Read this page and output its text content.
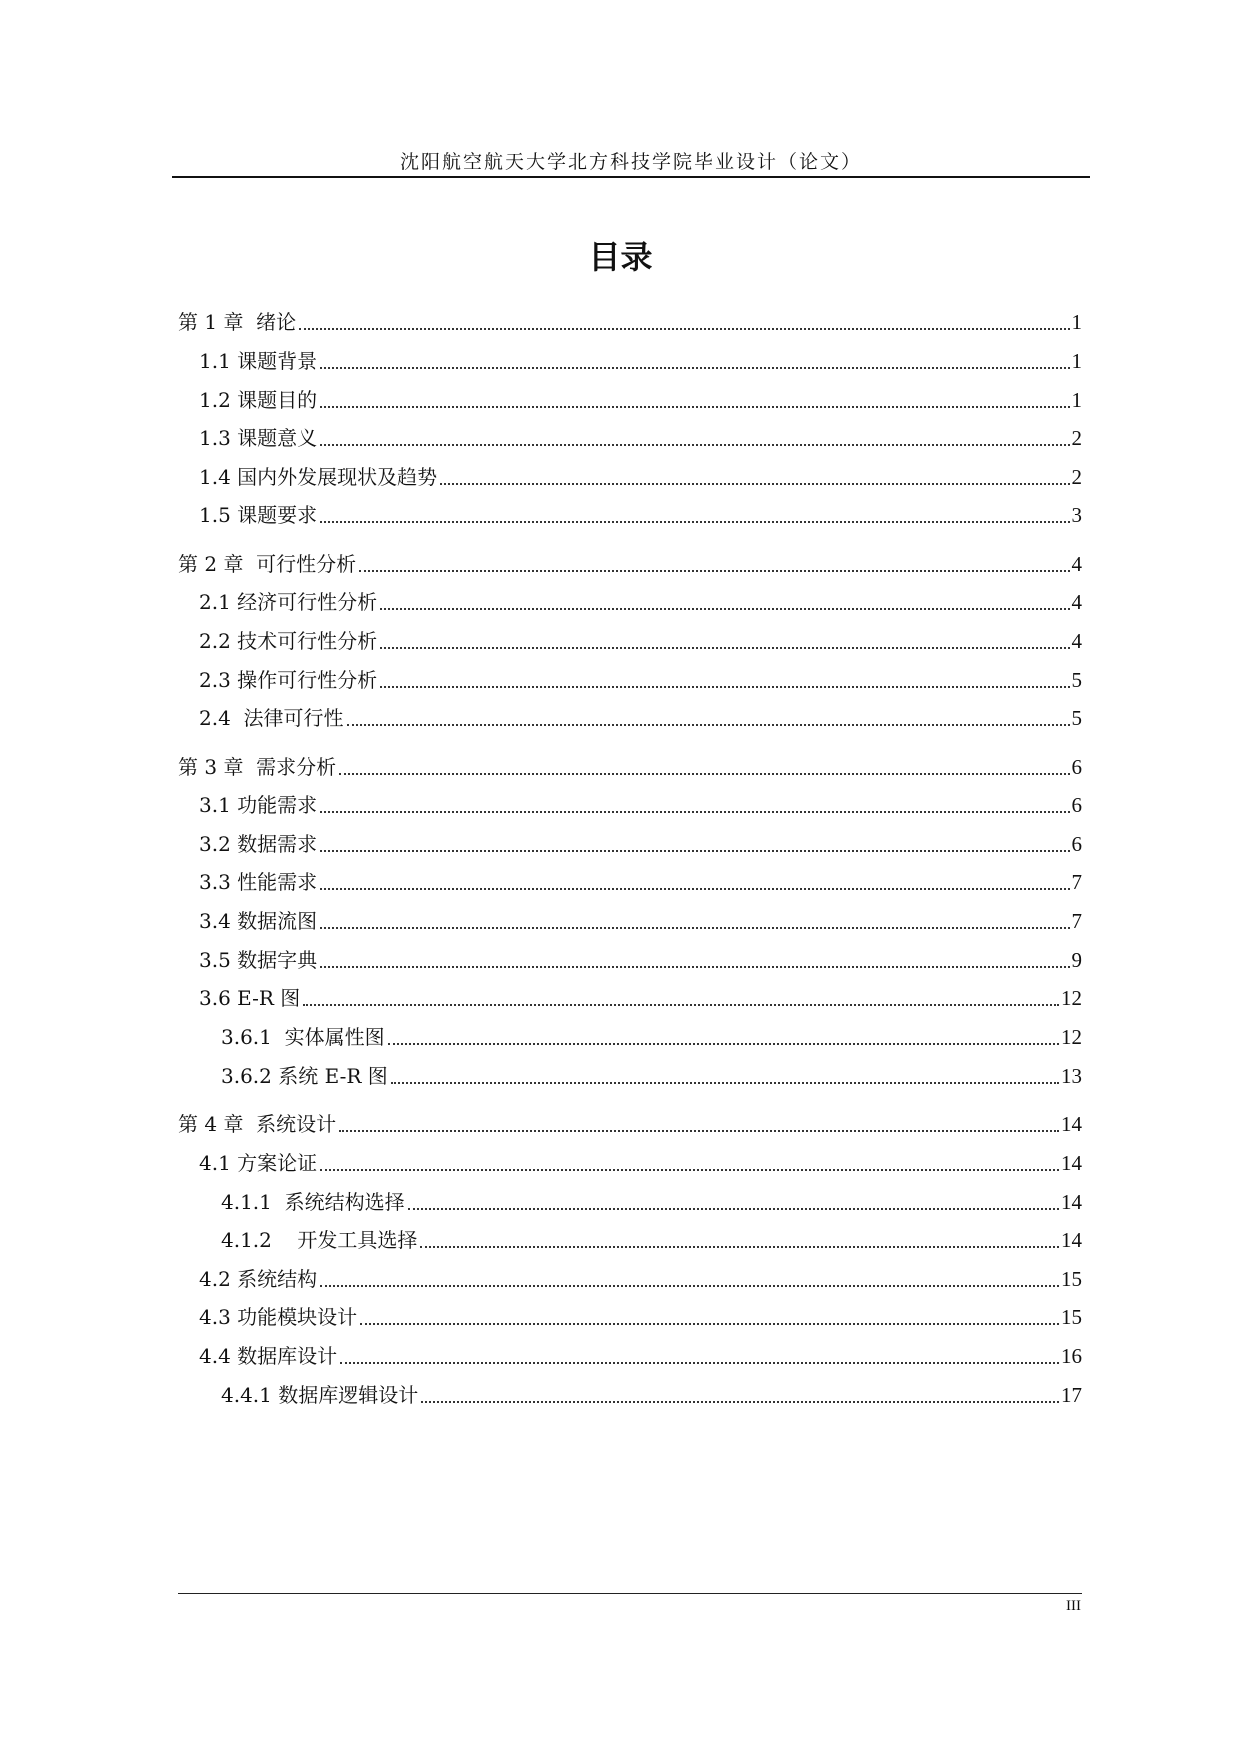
沈阳航空航天大学北方科技学院毕业设计（论文）
目录
第 1 章  绪论	1
1.1 课题背景	1
1.2 课题目的	1
1.3 课题意义	2
1.4 国内外发展现状及趋势	2
1.5 课题要求	3
第 2 章  可行性分析	4
2.1 经济可行性分析	4
2.2 技术可行性分析	4
2.3 操作可行性分析	5
2.4  法律可行性	5
第 3 章  需求分析	6
3.1 功能需求	6
3.2 数据需求	6
3.3 性能需求	7
3.4 数据流图	7
3.5 数据字典	9
3.6 E-R 图	12
3.6.1  实体属性图	12
3.6.2 系统 E-R 图	13
第 4 章  系统设计	14
4.1 方案论证	14
4.1.1  系统结构选择	14
4.1.2    开发工具选择	14
4.2 系统结构	15
4.3 功能模块设计	15
4.4 数据库设计	16
4.4.1 数据库逻辑设计	17
III
